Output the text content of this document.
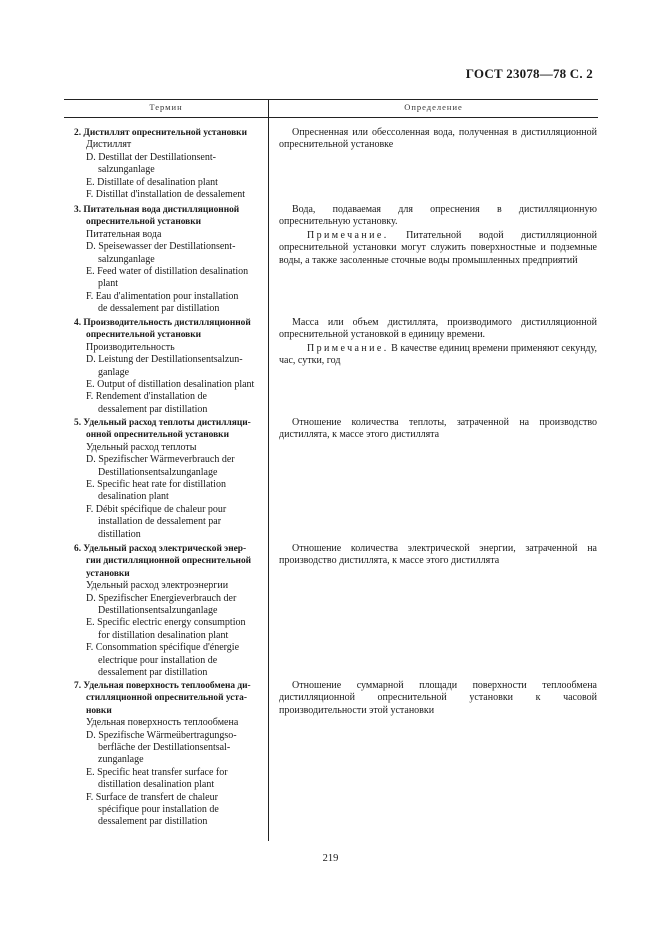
ГОСТ 23078—78 С. 2
Термин	Определение
2. Дистиллят опреснительной установки
Дистиллят
D. Destillat der Destillationsent-
salzunganlage
E. Distillate of desalination plant
F. Distillat d'installation de dessalement

Опресненная или обессоленная вода, полученная в дистилляционной опреснительной установке

3. Питательная вода дистилляционной
опреснительной установки
Питательная вода
D. Speisewasser der Destillationsent-
salzunganlage
E. Feed water of distillation desalination
plant
F. Eau d'alimentation pour installation
de dessalement par distillation

Вода, подаваемая для опреснения в дистилляционную опреснительную установку.

Примечание. Питательной водой дистилляционной опреснительной установки могут служить поверхностные и подземные воды, а также засоленные сточные воды промышленных предприятий

4. Производительность дистилляционной
опреснительной установки
Производительность
D. Leistung der Destillationsentsalzun-
ganlage
E. Output of distillation desalination plant
F. Rendement d'installation de
dessalement par distillation

Масса или объем дистиллята, производимого дистилляционной опреснительной установкой в единицу времени.

Примечание. В качестве единиц времени применяют секунду, час, сутки, год

5. Удельный расход теплоты дистилляци-
онной опреснительной установки
Удельный расход теплоты
D. Spezifischer Wärmeverbrauch der
Destillationsentsalzunganlage
E. Specific heat rate for distillation
desalination plant
F. Débit spécifique de chaleur pour
installation de dessalement par
distillation

Отношение количества теплоты, затраченной на производство дистиллята, к массе этого дистиллята

6. Удельный расход электрической энер-
гии дистилляционной опреснительной
установки
Удельный расход электроэнергии
D. Spezifischer Energieverbrauch der
Destillationsentsalzunganlage
E. Specific electric energy consumption
for distillation desalination plant
F. Consommation spécifique d'énergie
electrique pour installation de
dessalement par distillation

Отношение количества электрической энергии, затраченной на производство дистиллята, к массе этого дистиллята

7. Удельная поверхность теплообмена ди-
стилляционной опреснительной уста-
новки
Удельная поверхность теплообмена
D. Spezifische Wärmeübertragungso-
berfläche der Destillationsentsal-
zunganlage
E. Specific heat transfer surface for
distillation desalination plant
F. Surface de transfert de chaleur
spécifique pour installation de
dessalement par distillation

Отношение суммарной площади поверхности теплообмена дистилляционной опреснительной установки к часовой производительности этой установки

219
